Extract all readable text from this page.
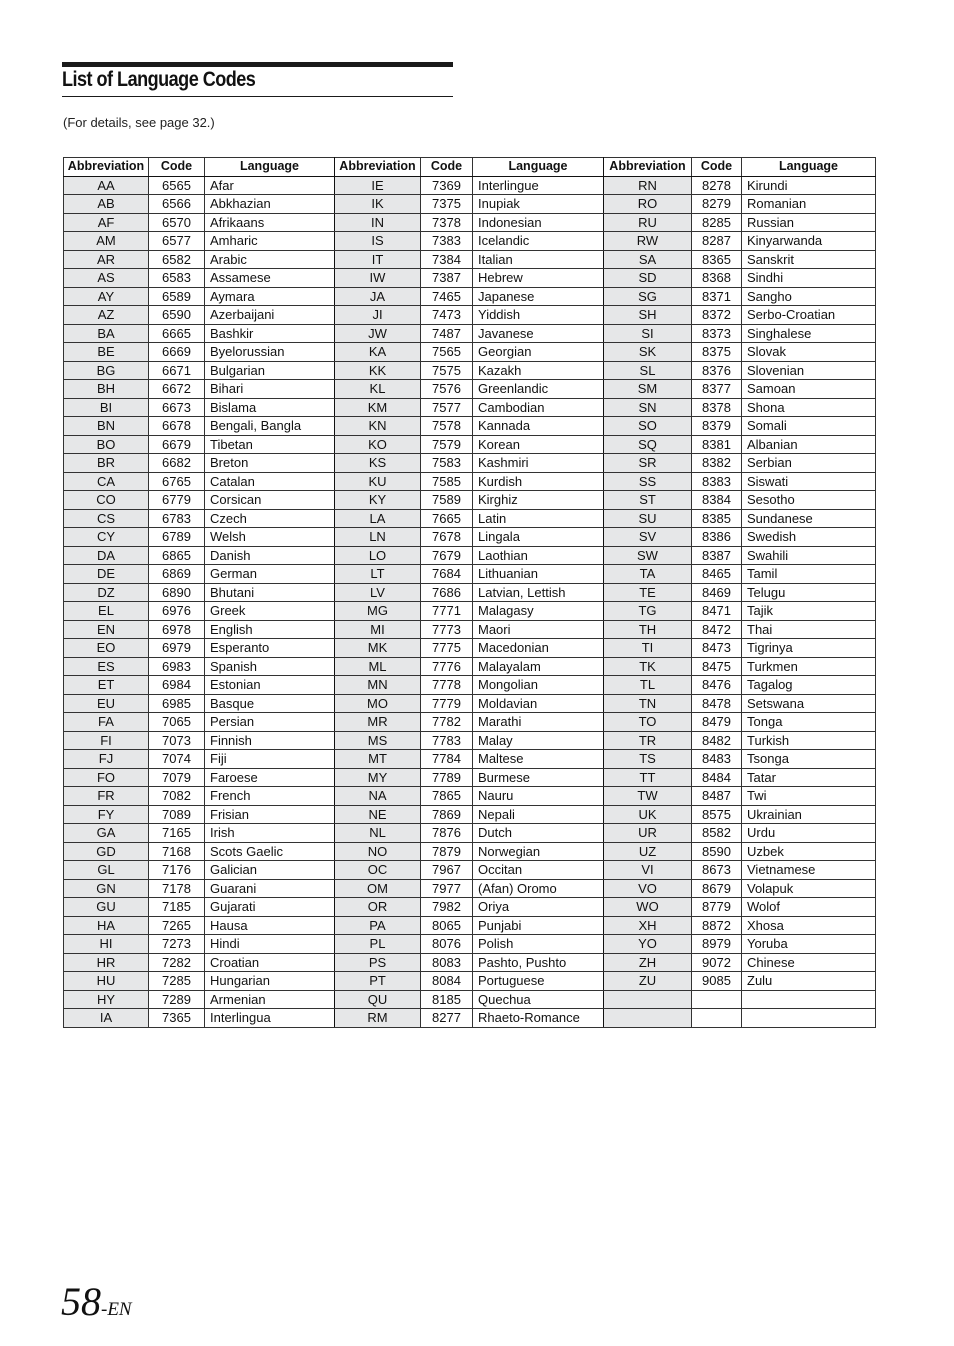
List of Language Codes
(For details, see page 32.)
Abbreviation	Code	Language	Abbreviation	Code	Language	Abbreviation	Code	Language
AA	6565	Afar	IE	7369	Interlingue	RN	8278	Kirundi
AB	6566	Abkhazian	IK	7375	Inupiak	RO	8279	Romanian
AF	6570	Afrikaans	IN	7378	Indonesian	RU	8285	Russian
AM	6577	Amharic	IS	7383	Icelandic	RW	8287	Kinyarwanda
AR	6582	Arabic	IT	7384	Italian	SA	8365	Sanskrit
AS	6583	Assamese	IW	7387	Hebrew	SD	8368	Sindhi
AY	6589	Aymara	JA	7465	Japanese	SG	8371	Sangho
AZ	6590	Azerbaijani	JI	7473	Yiddish	SH	8372	Serbo-Croatian
BA	6665	Bashkir	JW	7487	Javanese	SI	8373	Singhalese
BE	6669	Byelorussian	KA	7565	Georgian	SK	8375	Slovak
BG	6671	Bulgarian	KK	7575	Kazakh	SL	8376	Slovenian
BH	6672	Bihari	KL	7576	Greenlandic	SM	8377	Samoan
BI	6673	Bislama	KM	7577	Cambodian	SN	8378	Shona
BN	6678	Bengali, Bangla	KN	7578	Kannada	SO	8379	Somali
BO	6679	Tibetan	KO	7579	Korean	SQ	8381	Albanian
BR	6682	Breton	KS	7583	Kashmiri	SR	8382	Serbian
CA	6765	Catalan	KU	7585	Kurdish	SS	8383	Siswati
CO	6779	Corsican	KY	7589	Kirghiz	ST	8384	Sesotho
CS	6783	Czech	LA	7665	Latin	SU	8385	Sundanese
CY	6789	Welsh	LN	7678	Lingala	SV	8386	Swedish
DA	6865	Danish	LO	7679	Laothian	SW	8387	Swahili
DE	6869	German	LT	7684	Lithuanian	TA	8465	Tamil
DZ	6890	Bhutani	LV	7686	Latvian, Lettish	TE	8469	Telugu
EL	6976	Greek	MG	7771	Malagasy	TG	8471	Tajik
EN	6978	English	MI	7773	Maori	TH	8472	Thai
EO	6979	Esperanto	MK	7775	Macedonian	TI	8473	Tigrinya
ES	6983	Spanish	ML	7776	Malayalam	TK	8475	Turkmen
ET	6984	Estonian	MN	7778	Mongolian	TL	8476	Tagalog
EU	6985	Basque	MO	7779	Moldavian	TN	8478	Setswana
FA	7065	Persian	MR	7782	Marathi	TO	8479	Tonga
FI	7073	Finnish	MS	7783	Malay	TR	8482	Turkish
FJ	7074	Fiji	MT	7784	Maltese	TS	8483	Tsonga
FO	7079	Faroese	MY	7789	Burmese	TT	8484	Tatar
FR	7082	French	NA	7865	Nauru	TW	8487	Twi
FY	7089	Frisian	NE	7869	Nepali	UK	8575	Ukrainian
GA	7165	Irish	NL	7876	Dutch	UR	8582	Urdu
GD	7168	Scots Gaelic	NO	7879	Norwegian	UZ	8590	Uzbek
GL	7176	Galician	OC	7967	Occitan	VI	8673	Vietnamese
GN	7178	Guarani	OM	7977	(Afan) Oromo	VO	8679	Volapuk
GU	7185	Gujarati	OR	7982	Oriya	WO	8779	Wolof
HA	7265	Hausa	PA	8065	Punjabi	XH	8872	Xhosa
HI	7273	Hindi	PL	8076	Polish	YO	8979	Yoruba
HR	7282	Croatian	PS	8083	Pashto, Pushto	ZH	9072	Chinese
HU	7285	Hungarian	PT	8084	Portuguese	ZU	9085	Zulu
HY	7289	Armenian	QU	8185	Quechua			
IA	7365	Interlingua	RM	8277	Rhaeto-Romance			
58-EN
